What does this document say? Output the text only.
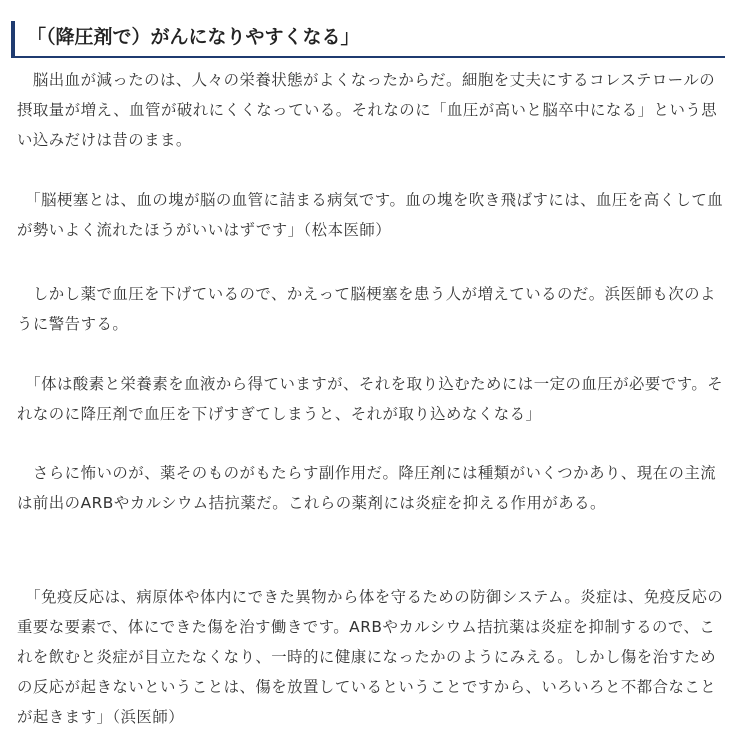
「（降圧剤で）がんになりやすくなる」

　脳出血が減ったのは、人々の栄養状態がよくなったからだ。細胞を丈夫にするコレステロールの摂取量が増え、血管が破れにくくなっている。それなのに「血圧が高いと脳卒中になる」という思い込みだけは昔のまま。

　「脳梗塞とは、血の塊が脳の血管に詰まる病気です。血の塊を吹き飛ばすには、血圧を高くして血が勢いよく流れたほうがいいはずです」（松本医師）

　しかし薬で血圧を下げているので、かえって脳梗塞を患う人が増えているのだ。浜医師も次のように警告する。

　「体は酸素と栄養素を血液から得ていますが、それを取り込むためには一定の血圧が必要です。それなのに降圧剤で血圧を下げすぎてしまうと、それが取り込めなくなる」

　さらに怖いのが、薬そのものがもたらす副作用だ。降圧剤には種類がいくつかあり、現在の主流は前出のARBやカルシウム拮抗薬だ。これらの薬剤には炎症を抑える作用がある。

　「免疫反応は、病原体や体内にできた異物から体を守るための防御システム。炎症は、免疫反応の重要な要素で、体にできた傷を治す働きです。ARBやカルシウム拮抗薬は炎症を抑制するので、これを飲むと炎症が目立たなくなり、一時的に健康になったかのようにみえる。しかし傷を治すための反応が起きないということは、傷を放置しているということですから、いろいろと不都合なことが起きます」（浜医師）
